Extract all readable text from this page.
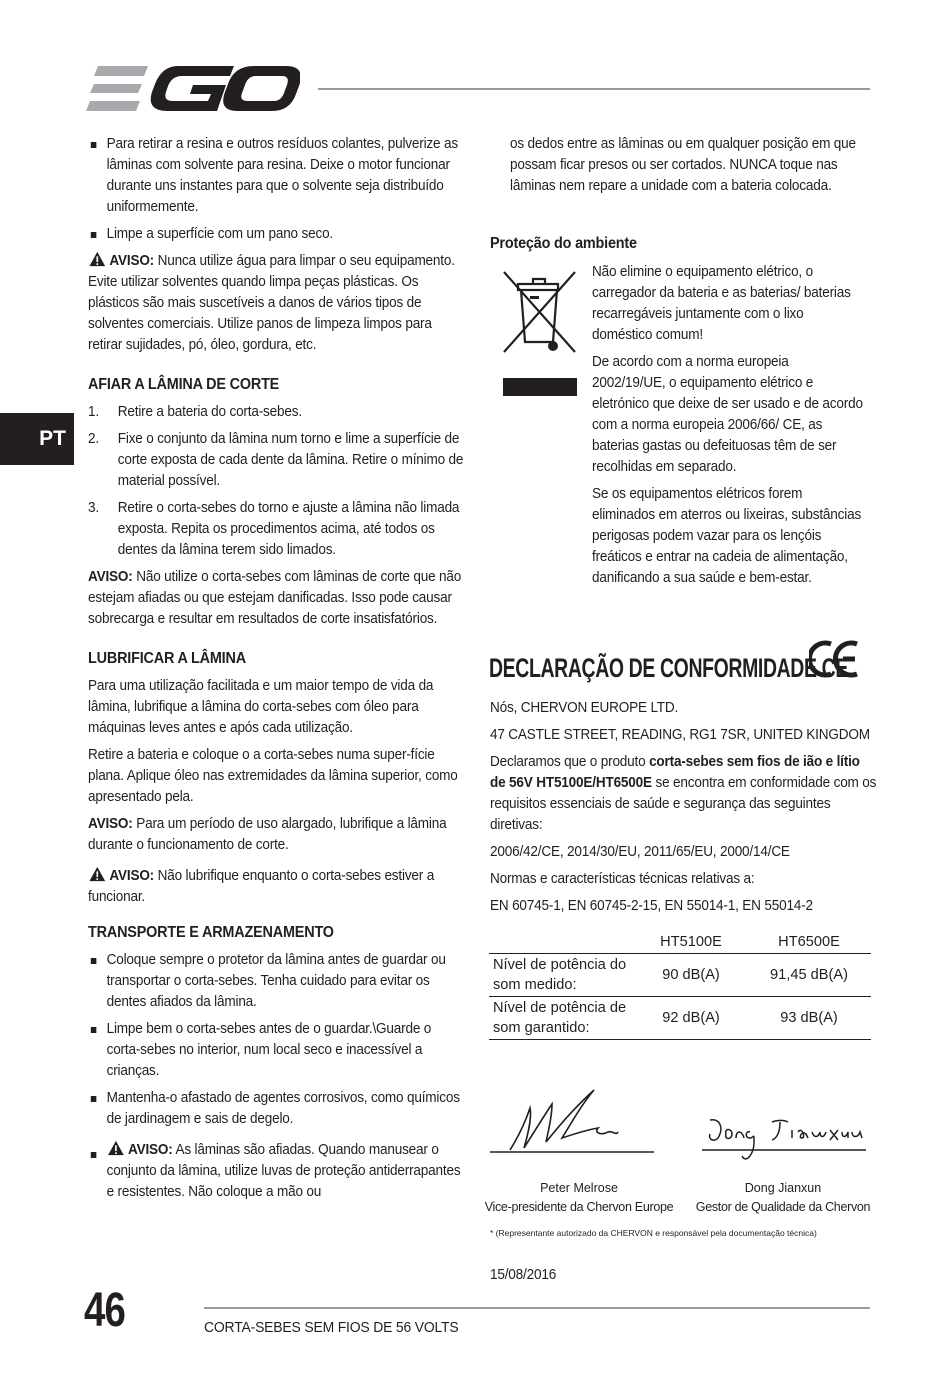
PT
Para retirar a resina e outros resíduos colantes, pulverize as lâminas com solvente para resina. Deixe o motor funcionar durante uns instantes para que o solvente seja distribuído uniformemente.
Limpe a superfície com um pano seco.
AVISO: Nunca utilize água para limpar o seu equipamento. Evite utilizar solventes quando limpa peças plásticas. Os plásticos são mais suscetíveis a danos de vários tipos de solventes comerciais. Utilize panos de limpeza limpos para retirar sujidades, pó, óleo, gordura, etc.
AFIAR A LÂMINA DE CORTE
1. Retire a bateria do corta-sebes.
2. Fixe o conjunto da lâmina num torno e lime a superfície de corte exposta de cada dente da lâmina. Retire o mínimo de material possível.
3. Retire o corta-sebes do torno e ajuste a lâmina não limada exposta. Repita os procedimentos acima, até todos os dentes da lâmina terem sido limados.
AVISO: Não utilize o corta-sebes com lâminas de corte que não estejam afiadas ou que estejam danificadas. Isso pode causar sobrecarga e resultar em resultados de corte insatisfatórios.
LUBRIFICAR A LÂMINA
Para uma utilização facilitada e um maior tempo de vida da lâmina, lubrifique a lâmina do corta-sebes com óleo para máquinas leves antes e após cada utilização.
Retire a bateria e coloque o a corta-sebes numa super-fície plana. Aplique óleo nas extremidades da lâmina superior, como apresentado pela.
AVISO: Para um período de uso alargado, lubrifique a lâmina durante o funcionamento de corte.
AVISO: Não lubrifique enquanto o corta-sebes estiver a funcionar.
TRANSPORTE E ARMAZENAMENTO
Coloque sempre o protetor da lâmina antes de guardar ou transportar o corta-sebes. Tenha cuidado para evitar os dentes afiados da lâmina.
Limpe bem o corta-sebes antes de o guardar.\Guarde o corta-sebes no interior, num local seco e inacessível a crianças.
Mantenha-o afastado de agentes corrosivos, como químicos de jardinagem e sais de degelo.
AVISO: As lâminas são afiadas. Quando manusear o conjunto da lâmina, utilize luvas de proteção antiderrapantes e resistentes. Não coloque a mão ou
os dedos entre as lâminas ou em qualquer posição em que possam ficar presos ou ser cortados. NUNCA toque nas lâminas nem repare a unidade com a bateria colocada.
Proteção do ambiente
Não elimine o equipamento elétrico, o carregador da bateria e as baterias/ baterias recarregáveis juntamente com o lixo doméstico comum!
De acordo com a norma europeia 2002/19/UE, o equipamento elétrico e eletrónico que deixe de ser usado e de acordo com a norma europeia 2006/66/ CE, as baterias gastas ou defeituosas têm de ser recolhidas em separado.
Se os equipamentos elétricos forem eliminados em aterros ou lixeiras, substâncias perigosas podem vazar para os lençóis freáticos e entrar na cadeia de alimentação, danificando a sua saúde e bem-estar.
DECLARAÇÃO DE CONFORMIDADE CE
Nós, CHERVON EUROPE LTD.
47 CASTLE STREET, READING, RG1 7SR, UNITED KINGDOM
Declaramos que o produto corta-sebes sem fios de ião e lítio de 56V HT5100E/HT6500E se encontra em conformidade com os requisitos essenciais de saúde e segurança das seguintes diretivas:
2006/42/CE, 2014/30/EU, 2011/65/EU, 2000/14/CE
Normas e características técnicas relativas a:
EN 60745-1, EN 60745-2-15, EN 55014-1, EN 55014-2
	HT5100E	HT6500E
Nível de potência do som medido:	90 dB(A)	91,45 dB(A)
Nível de potência de som garantido:	92 dB(A)	93 dB(A)
Peter Melrose
Vice-presidente da Chervon Europe
Dong Jianxun
Gestor de Qualidade da Chervon
* (Representante autorizado da CHERVON e responsável pela documentação técnica)
15/08/2016
46	CORTA-SEBES SEM FIOS DE 56 VOLTS
